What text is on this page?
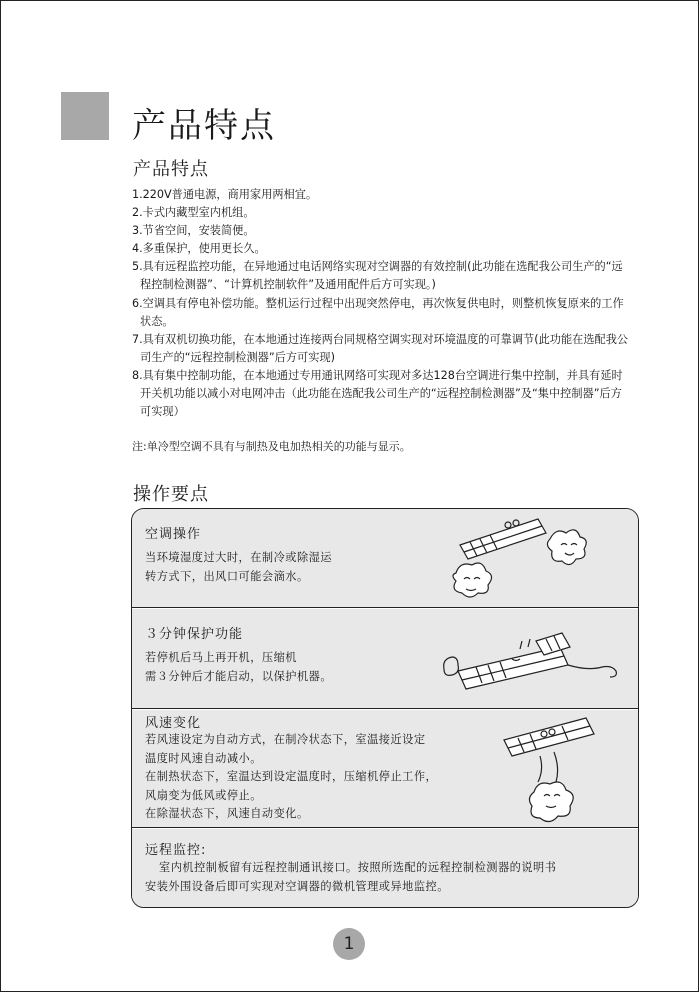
产品特点
产品特点
1.220V普通电源，商用家用两相宜。
2.卡式内藏型室内机组。
3.节省空间，安装简便。
4.多重保护，使用更长久。
5.具有远程监控功能，在异地通过电话网络实现对空调器的有效控制(此功能在选配我公司生产的“远程控制检测器”、“计算机控制软件”及通用配件后方可实现。)
6.空调具有停电补偿功能。整机运行过程中出现突然停电，再次恢复供电时，则整机恢复原来的工作状态。
7.具有双机切换功能，在本地通过连接两台同规格空调实现对环境温度的可靠调节(此功能在选配我公司生产的“远程控制检测器”后方可实现)
8.具有集中控制功能，在本地通过专用通讯网络可实现对多达128台空调进行集中控制，并具有延时开关机功能以减小对电网冲击（此功能在选配我公司生产的“远程控制检测器”及“集中控制器”后方可实现）
注:单冷型空调不具有与制热及电加热相关的功能与显示。
操作要点
空调操作
当环境湿度过大时，在制冷或除湿运
转方式下，出风口可能会滴水。
３分钟保护功能
若停机后马上再开机，压缩机
需３分钟后才能启动，以保护机器。
风速变化
若风速设定为自动方式，在制冷状态下，室温接近设定
温度时风速自动减小。
在制热状态下，室温达到设定温度时，压缩机停止工作，
风扇变为低风或停止。
在除湿状态下，风速自动变化。
远程监控:
室内机控制板留有远程控制通讯接口。按照所选配的远程控制检测器的说明书
安装外围设备后即可实现对空调器的微机管理或异地监控。
1
